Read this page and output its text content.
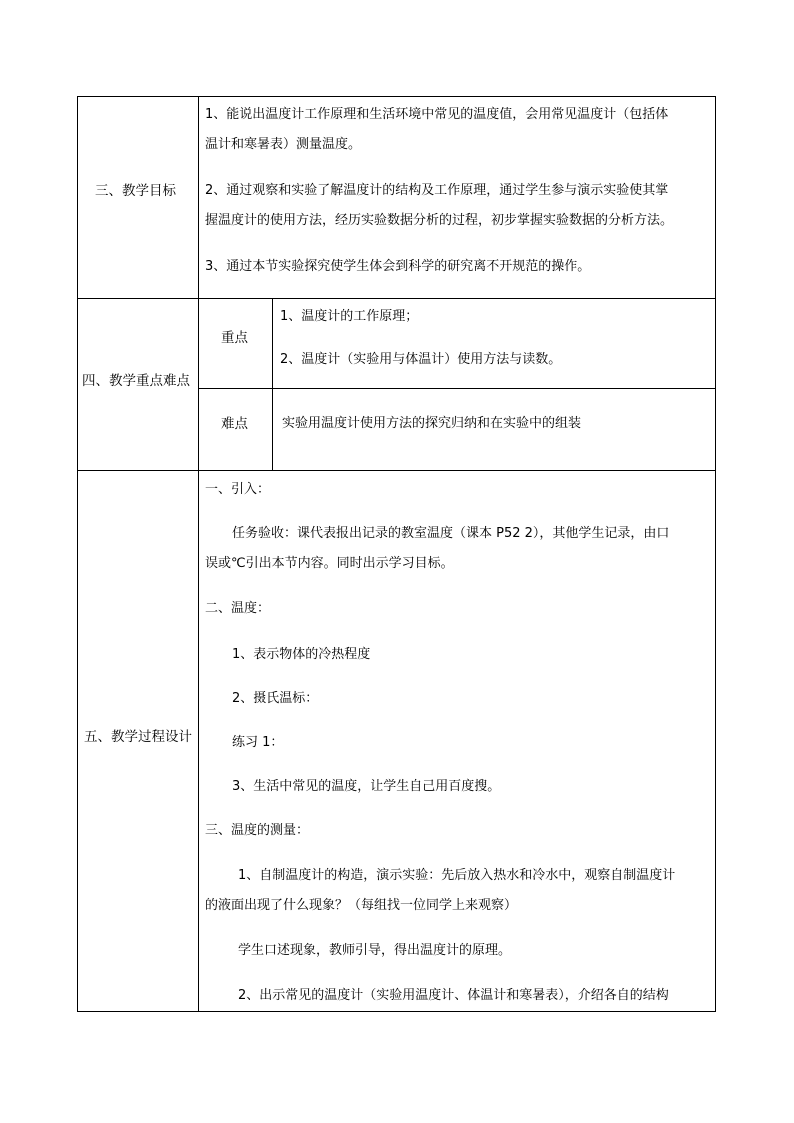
三、教学目标
1、能说出温度计工作原理和生活环境中常见的温度值，会用常见温度计（包括体
温计和寒暑表）测量温度。
2、通过观察和实验了解温度计的结构及工作原理，通过学生参与演示实验使其掌
握温度计的使用方法，经历实验数据分析的过程，初步掌握实验数据的分析方法。
3、通过本节实验探究使学生体会到科学的研究离不开规范的操作。
四、教学重点难点
重点
1、温度计的工作原理；
2、温度计（实验用与体温计）使用方法与读数。
难点	实验用温度计使用方法的探究归纳和在实验中的组装
五、教学过程设计
一、引入：
任务验收：课代表报出记录的教室温度（课本 P52 2），其他学生记录，由口
误或℃引出本节内容。同时出示学习目标。
二、温度：
1、表示物体的冷热程度
2、摄氏温标：
练习 1：
3、生活中常见的温度，让学生自己用百度搜。
三、温度的测量：
1、自制温度计的构造，演示实验：先后放入热水和冷水中，观察自制温度计
的液面出现了什么现象？（每组找一位同学上来观察）
学生口述现象，教师引导，得出温度计的原理。
2、出示常见的温度计（实验用温度计、体温计和寒暑表），介绍各自的结构
